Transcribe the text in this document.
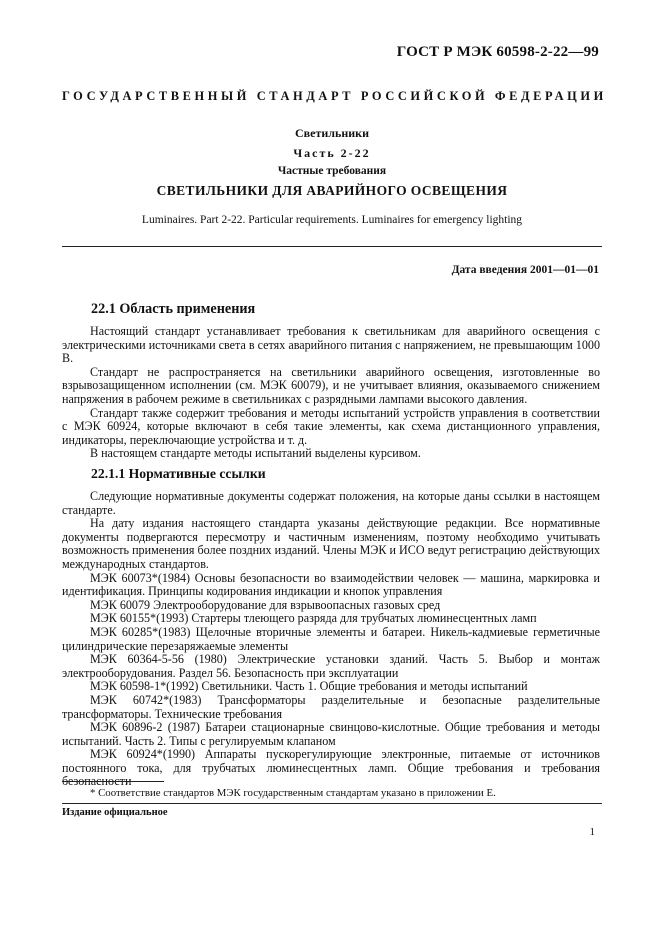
ГОСТ Р МЭК 60598-2-22—99
ГОСУДАРСТВЕННЫЙ СТАНДАРТ РОССИЙСКОЙ ФЕДЕРАЦИИ
Светильники
Часть 2-22
Частные требования
СВЕТИЛЬНИКИ ДЛЯ АВАРИЙНОГО ОСВЕЩЕНИЯ
Luminaires. Part 2-22. Particular requirements. Luminaires for emergency lighting
Дата введения 2001—01—01
22.1 Область применения

Настоящий стандарт устанавливает требования к светильникам для аварийного освещения с электрическими источниками света в сетях аварийного питания с напряжением, не превышающим 1000 В.

Стандарт не распространяется на светильники аварийного освещения, изготовленные во взрывозащищенном исполнении (см. МЭК 60079), и не учитывает влияния, оказываемого снижением напряжения в рабочем режиме в светильниках с разрядными лампами высокого давления.

Стандарт также содержит требования и методы испытаний устройств управления в соответствии с МЭК 60924, которые включают в себя такие элементы, как схема дистанционного управления, индикаторы, переключающие устройства и т. д.

В настоящем стандарте методы испытаний выделены курсивом.

22.1.1 Нормативные ссылки

Следующие нормативные документы содержат положения, на которые даны ссылки в настоящем стандарте.

На дату издания настоящего стандарта указаны действующие редакции. Все нормативные документы подвергаются пересмотру и частичным изменениям, поэтому необходимо учитывать возможность применения более поздних изданий. Члены МЭК и ИСО ведут регистрацию действующих международных стандартов.

МЭК 60073*(1984) Основы безопасности во взаимодействии человек — машина, маркировка и идентификация. Принципы кодирования индикации и кнопок управления

МЭК 60079 Электрооборудование для взрывоопасных газовых сред

МЭК 60155*(1993) Стартеры тлеющего разряда для трубчатых люминесцентных ламп

МЭК 60285*(1983) Щелочные вторичные элементы и батареи. Никель-кадмиевые герметичные цилиндрические перезаряжаемые элементы

МЭК 60364-5-56 (1980) Электрические установки зданий. Часть 5. Выбор и монтаж электрооборудования. Раздел 56. Безопасность при эксплуатации

МЭК 60598-1*(1992) Светильники. Часть 1. Общие требования и методы испытаний

МЭК 60742*(1983) Трансформаторы разделительные и безопасные разделительные трансформаторы. Технические требования

МЭК 60896-2 (1987) Батареи стационарные свинцово-кислотные. Общие требования и методы испытаний. Часть 2. Типы с регулируемым клапаном

МЭК 60924*(1990) Аппараты пускорегулирующие электронные, питаемые от источников постоянного тока, для трубчатых люминесцентных ламп. Общие требования и требования безопасности

* Соответствие стандартов МЭК государственным стандартам указано в приложении Е.
Издание официальное
1
